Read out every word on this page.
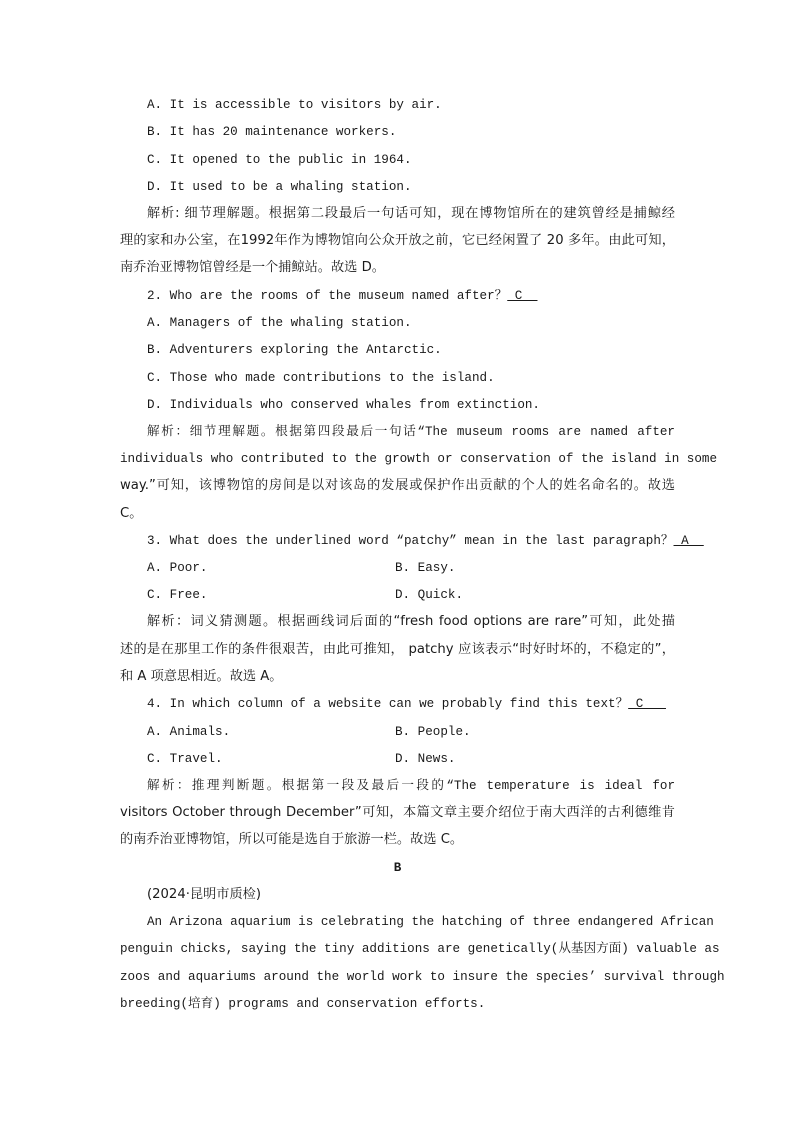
A. It is accessible to visitors by air.
B. It has 20 maintenance workers.
C. It opened to the public in 1964.
D. It used to be a whaling station.
解析: 细节理解题。根据第二段最后一句话可知，现在博物馆所在的建筑曾经是捕鲸经
理的家和办公室，在1992年作为博物馆向公众开放之前，它已经闲置了 20 多年。由此可知，
南乔治亚博物馆曾经是一个捕鲸站。故选 D。
2. Who are the rooms of the museum named after？ C
A. Managers of the whaling station.
B. Adventurers exploring the Antarctic.
C. Those who made contributions to the island.
D. Individuals who conserved whales from extinction.
解析：细节理解题。根据第四段最后一句话“The museum rooms are named after
individuals who contributed to the growth or conservation of the island in some
way.”可知，该博物馆的房间是以对该岛的发展或保护作出贡献的个人的姓名命名的。故选
C。
3. What does the underlined word “patchy” mean in the last paragraph？ A
A. Poor.	B. Easy.
C. Free.	D. Quick.
解析：词义猜测题。根据画线词后面的“fresh food options are rare”可知，此处描
述的是在那里工作的条件很艰苦，由此可推知， patchy 应该表示“时好时坏的，不稳定的”，
和 A 项意思相近。故选 A。
4. In which column of a website can we probably find this text？ C
A. Animals.	B. People.
C. Travel.	D. News.
解析：推理判断题。根据第一段及最后一段的“The temperature is ideal for
visitors October through December”可知，本篇文章主要介绍位于南大西洋的古利德维肯
的南乔治亚博物馆，所以可能是选自于旅游一栏。故选 C。
B
(2024·昆明市质检)
An Arizona aquarium is celebrating the hatching of three endangered African
penguin chicks, saying the tiny additions are genetically(从基因方面) valuable as
zoos and aquariums around the world work to insure the species’ survival through
breeding(培育) programs and conservation efforts.
